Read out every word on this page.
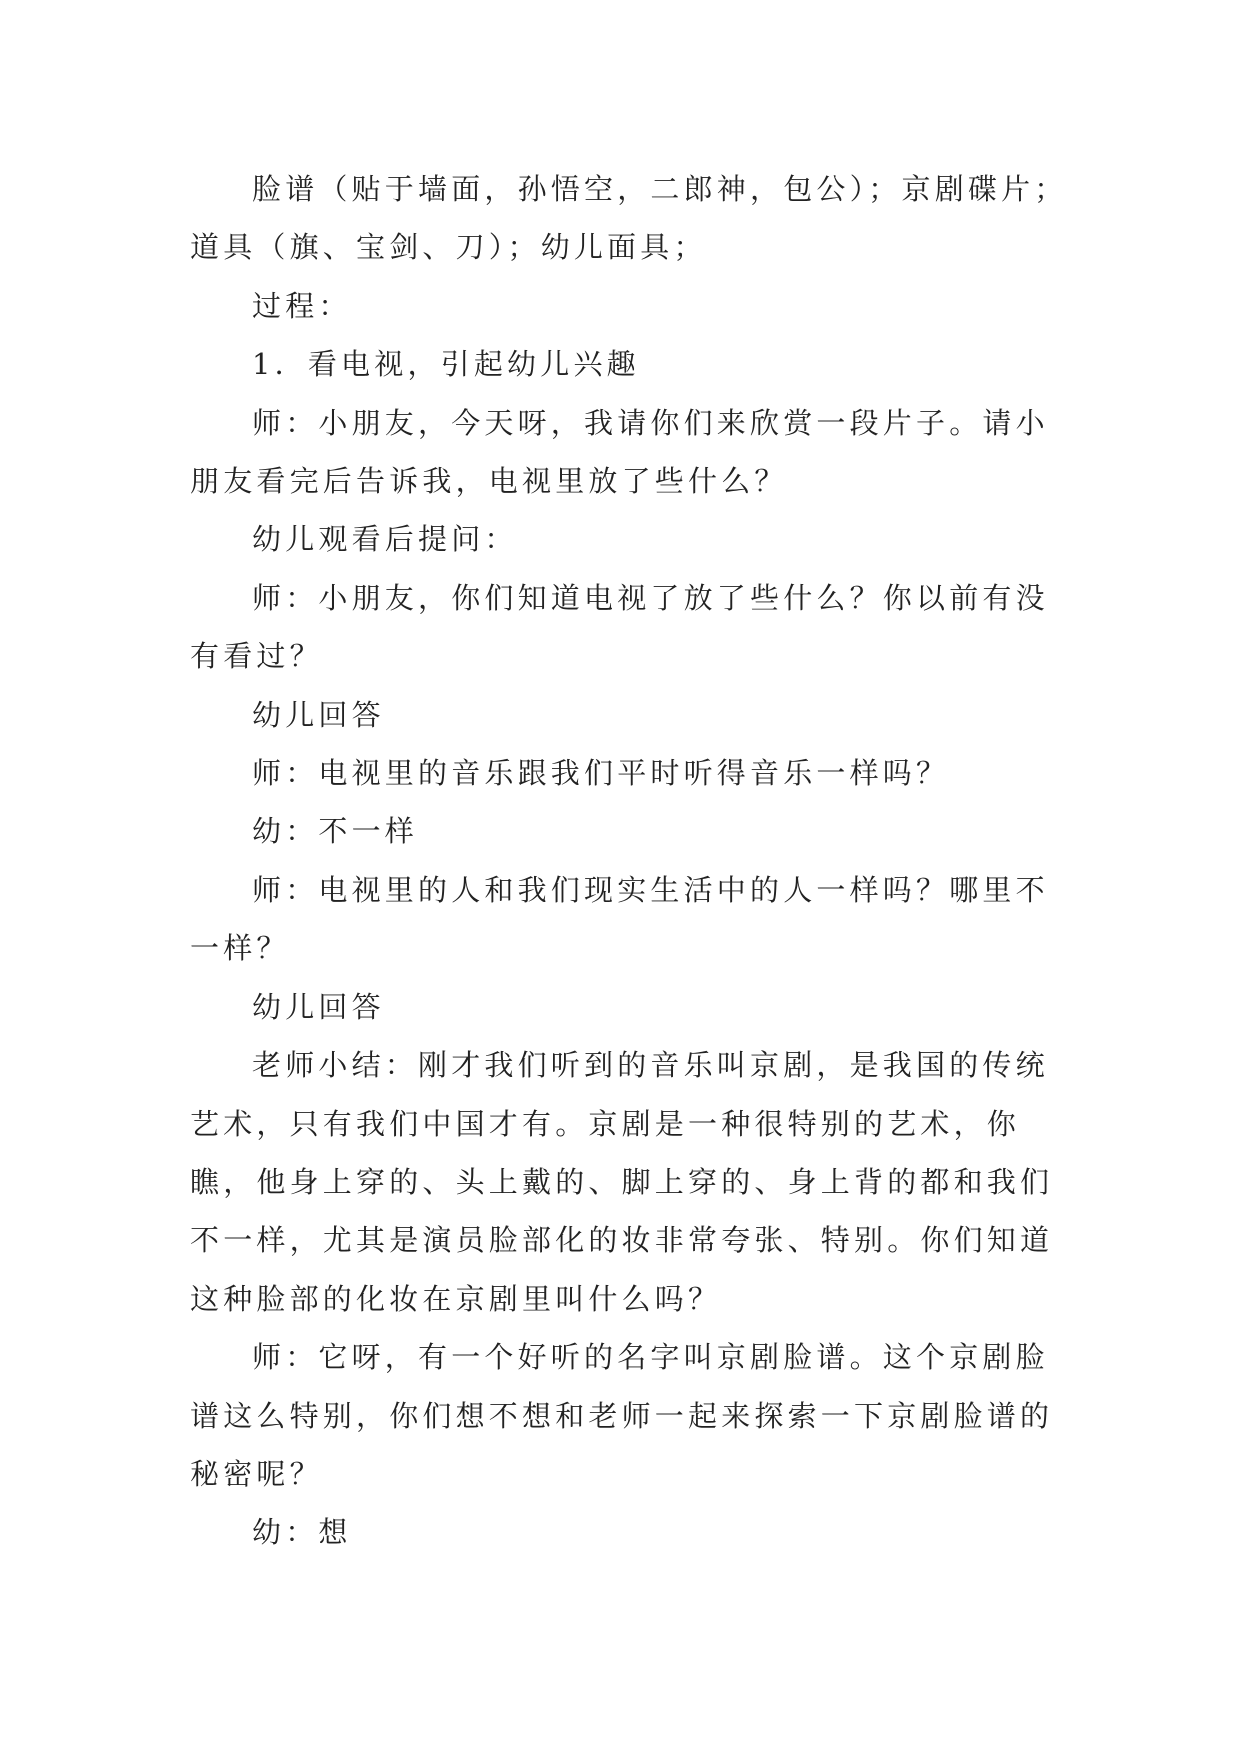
脸谱（贴于墙面，孙悟空，二郎神，包公）；京剧碟片；道具（旗、宝剑、刀）；幼儿面具；

过程：

1．看电视，引起幼儿兴趣

师：小朋友，今天呀，我请你们来欣赏一段片子。请小朋友看完后告诉我，电视里放了些什么？

幼儿观看后提问：

师：小朋友，你们知道电视了放了些什么？你以前有没有看过？

幼儿回答

师：电视里的音乐跟我们平时听得音乐一样吗？

幼：不一样

师：电视里的人和我们现实生活中的人一样吗？哪里不一样？

幼儿回答

老师小结：刚才我们听到的音乐叫京剧，是我国的传统艺术，只有我们中国才有。京剧是一种很特别的艺术，你瞧，他身上穿的、头上戴的、脚上穿的、身上背的都和我们不一样，尤其是演员脸部化的妆非常夸张、特别。你们知道这种脸部的化妆在京剧里叫什么吗？

师：它呀，有一个好听的名字叫京剧脸谱。这个京剧脸谱这么特别，你们想不想和老师一起来探索一下京剧脸谱的秘密呢？

幼：想
